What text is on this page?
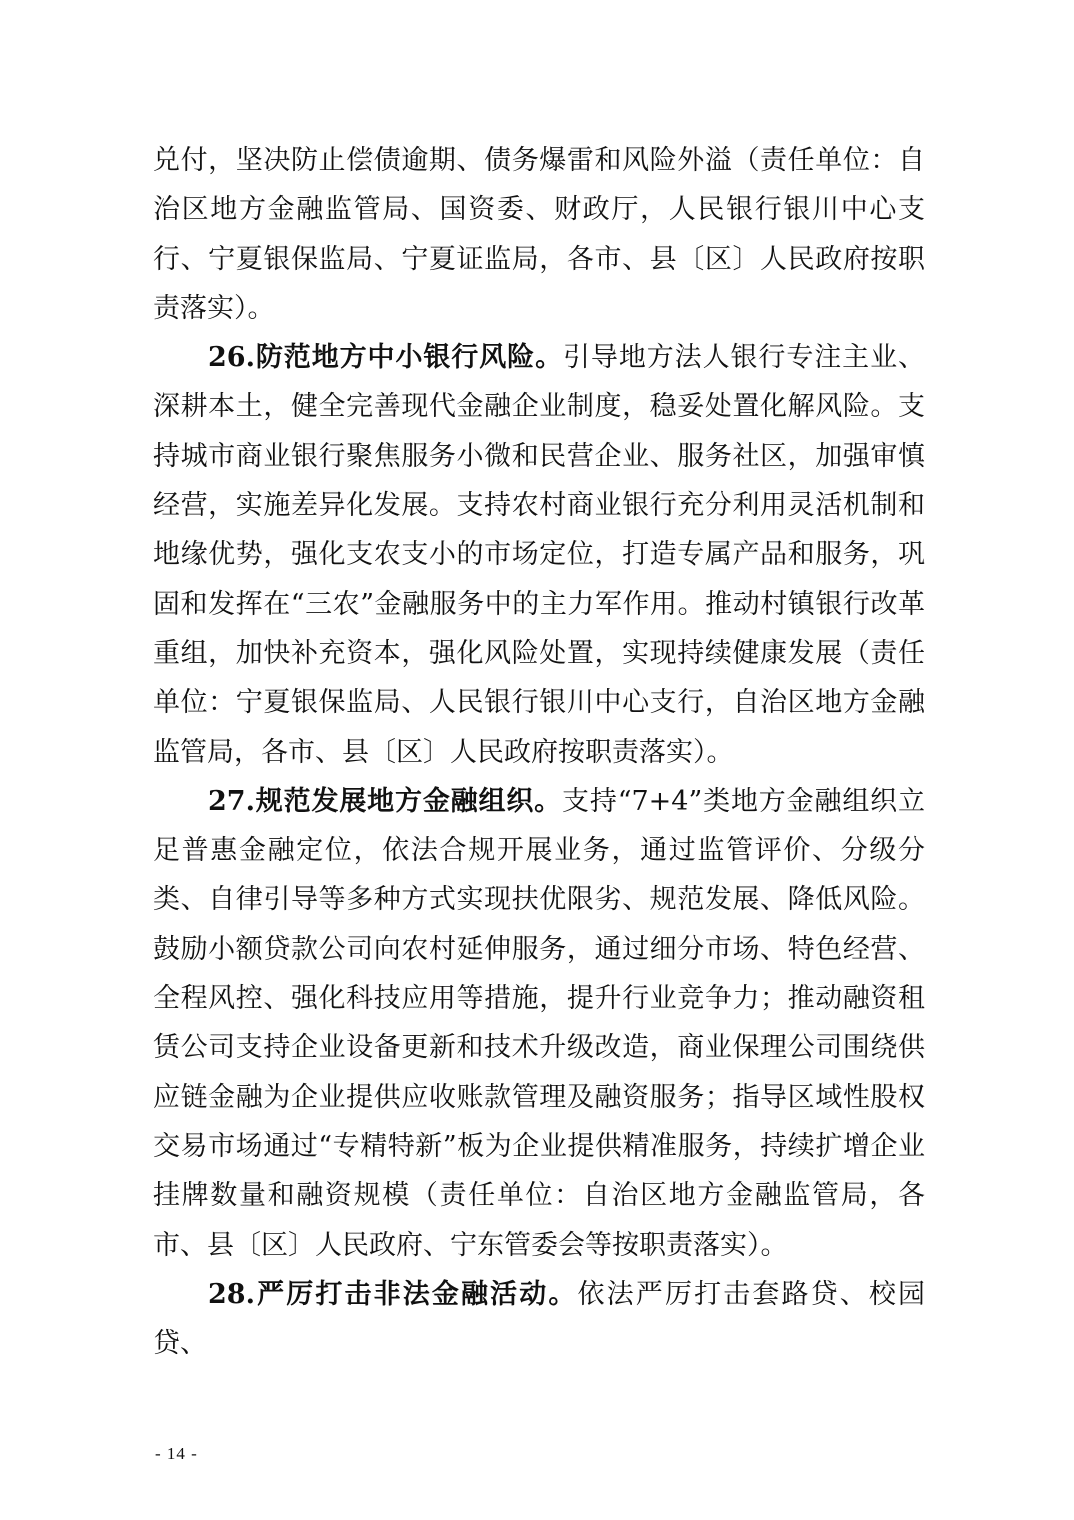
兑付，坚决防止偿债逾期、债务爆雷和风险外溢（责任单位：自治区地方金融监管局、国资委、财政厅，人民银行银川中心支行、宁夏银保监局、宁夏证监局，各市、县〔区〕人民政府按职责落实）。

26.防范地方中小银行风险。引导地方法人银行专注主业、深耕本土，健全完善现代金融企业制度，稳妥处置化解风险。支持城市商业银行聚焦服务小微和民营企业、服务社区，加强审慎经营，实施差异化发展。支持农村商业银行充分利用灵活机制和地缘优势，强化支农支小的市场定位，打造专属产品和服务，巩固和发挥在“三农”金融服务中的主力军作用。推动村镇银行改革重组，加快补充资本，强化风险处置，实现持续健康发展（责任单位：宁夏银保监局、人民银行银川中心支行，自治区地方金融监管局，各市、县〔区〕人民政府按职责落实）。

27.规范发展地方金融组织。支持“7+4”类地方金融组织立足普惠金融定位，依法合规开展业务，通过监管评价、分级分类、自律引导等多种方式实现扶优限劣、规范发展、降低风险。鼓励小额贷款公司向农村延伸服务，通过细分市场、特色经营、全程风控、强化科技应用等措施，提升行业竞争力；推动融资租赁公司支持企业设备更新和技术升级改造，商业保理公司围绕供应链金融为企业提供应收账款管理及融资服务；指导区域性股权交易市场通过“专精特新”板为企业提供精准服务，持续扩增企业挂牌数量和融资规模（责任单位：自治区地方金融监管局，各市、县〔区〕人民政府、宁东管委会等按职责落实）。

28.严厉打击非法金融活动。依法严厉打击套路贷、校园贷、

- 14 -
